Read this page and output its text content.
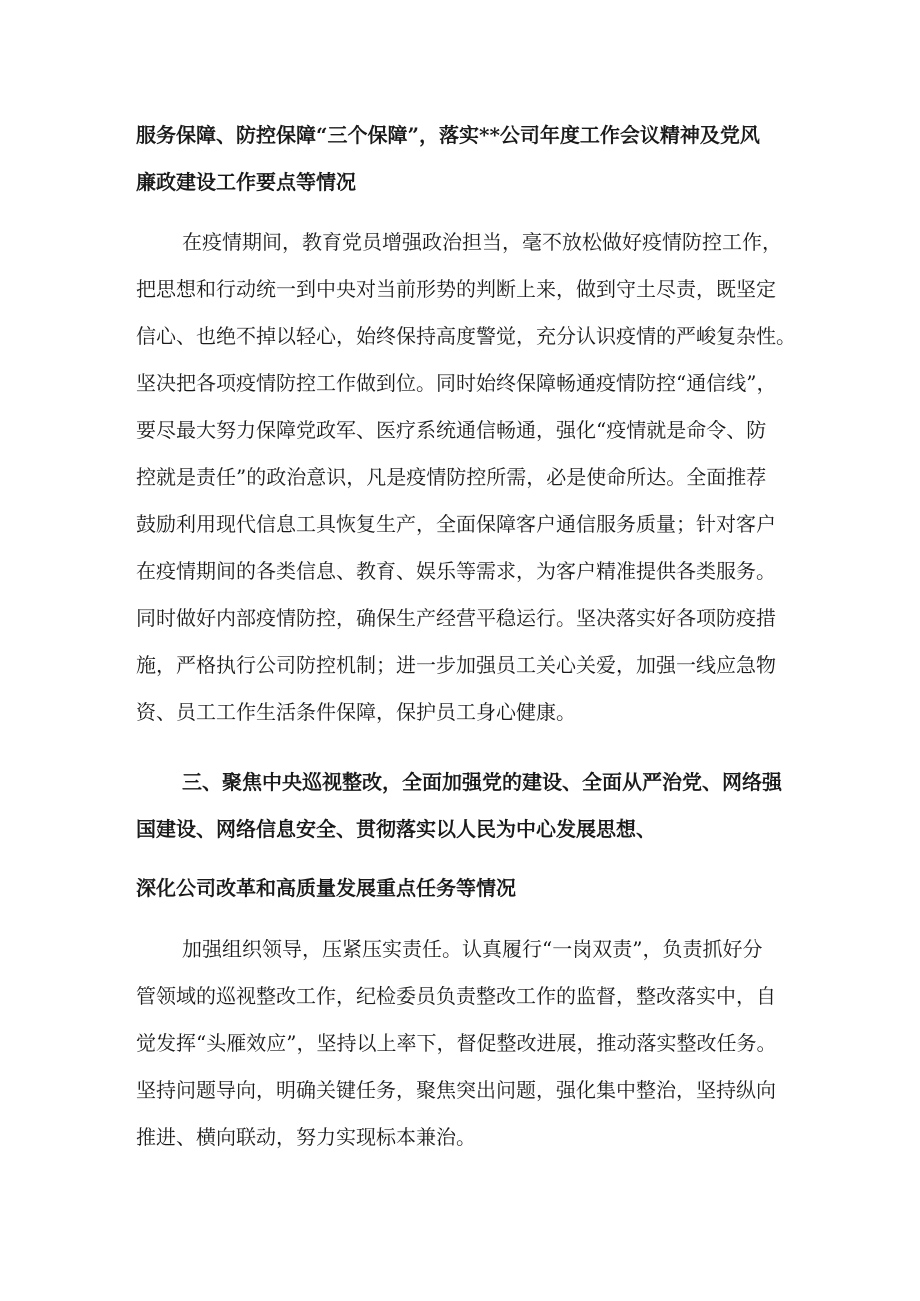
服务保障、防控保障“三个保障”，落实**公司年度工作会议精神及党风
廉政建设工作要点等情况
在疫情期间，教育党员增强政治担当，毫不放松做好疫情防控工作，
把思想和行动统一到中央对当前形势的判断上来，做到守土尽责，既坚定
信心、也绝不掉以轻心，始终保持高度警觉，充分认识疫情的严峻复杂性。
坚决把各项疫情防控工作做到位。同时始终保障畅通疫情防控“通信线”，
要尽最大努力保障党政军、医疗系统通信畅通，强化“疫情就是命令、防
控就是责任”的政治意识，凡是疫情防控所需，必是使命所达。全面推荐
鼓励利用现代信息工具恢复生产，全面保障客户通信服务质量；针对客户
在疫情期间的各类信息、教育、娱乐等需求，为客户精准提供各类服务。
同时做好内部疫情防控，确保生产经营平稳运行。坚决落实好各项防疫措
施，严格执行公司防控机制；进一步加强员工关心关爱，加强一线应急物
资、员工工作生活条件保障，保护员工身心健康。
三、聚焦中央巡视整改，全面加强党的建设、全面从严治党、网络强
国建设、网络信息安全、贯彻落实以人民为中心发展思想、
深化公司改革和高质量发展重点任务等情况
加强组织领导，压紧压实责任。认真履行“一岗双责”，负责抓好分
管领域的巡视整改工作，纪检委员负责整改工作的监督，整改落实中，自
觉发挥“头雁效应”，坚持以上率下，督促整改进展，推动落实整改任务。
坚持问题导向，明确关键任务，聚焦突出问题，强化集中整治，坚持纵向
推进、横向联动，努力实现标本兼治。
